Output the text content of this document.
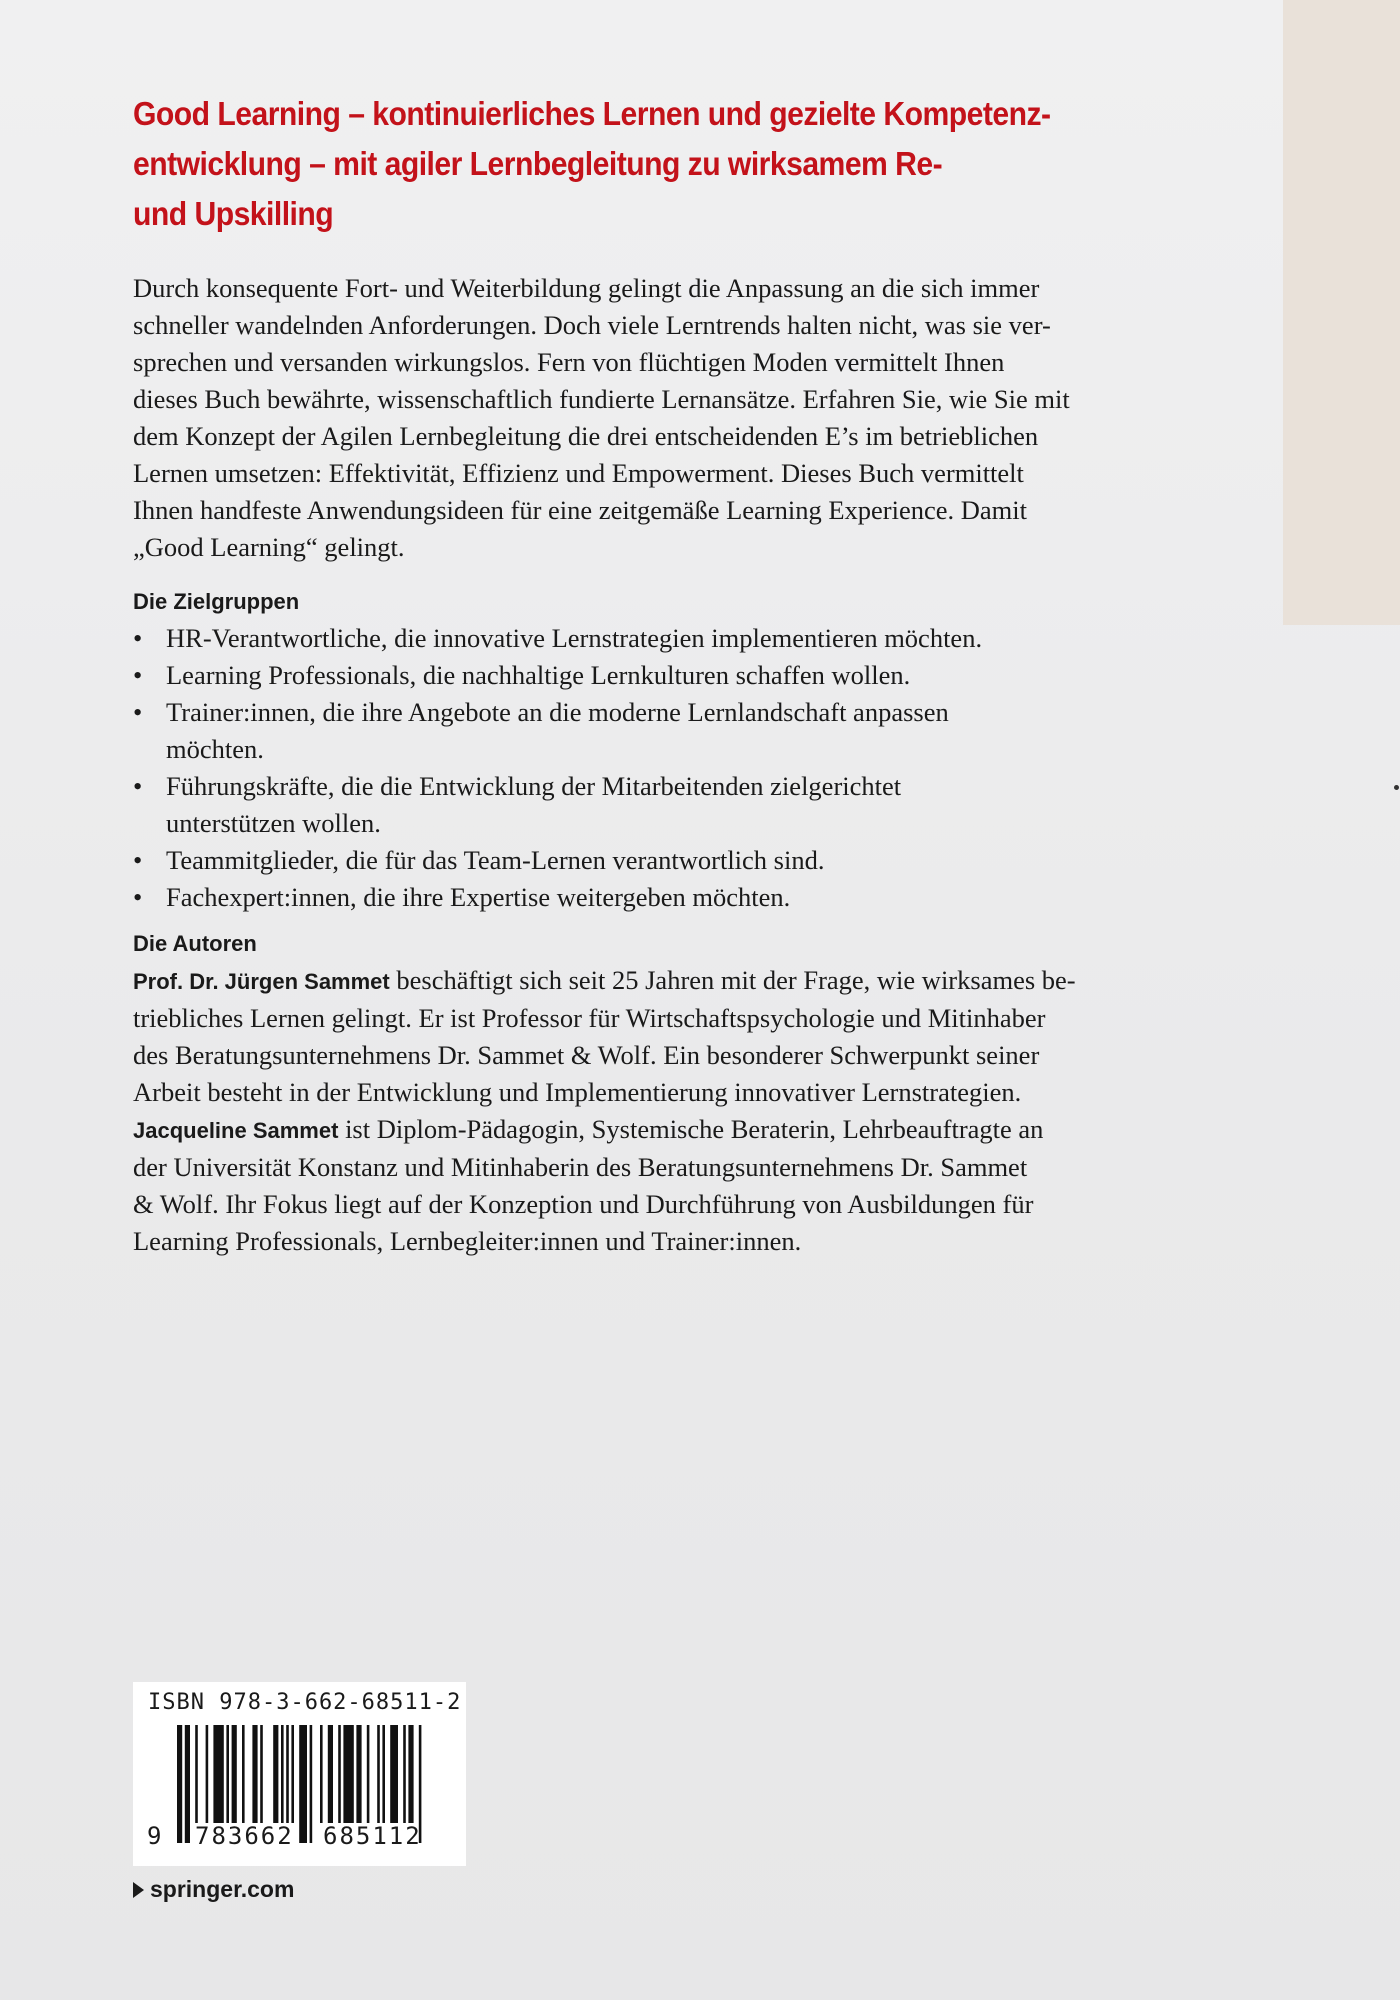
Good Learning – kontinuierliches Lernen und gezielte Kompetenz-
entwicklung – mit agiler Lernbegleitung zu wirksamem Re-
und Upskilling
Durch konsequente Fort- und Weiterbildung gelingt die Anpassung an die sich immer
schneller wandelnden Anforderungen. Doch viele Lerntrends halten nicht, was sie ver-
sprechen und versanden wirkungslos. Fern von flüchtigen Moden vermittelt Ihnen
dieses Buch bewährte, wissenschaftlich fundierte Lernansätze. Erfahren Sie, wie Sie mit
dem Konzept der Agilen Lernbegleitung die drei entscheidenden E’s im betrieblichen
Lernen umsetzen: Effektivität, Effizienz und Empowerment. Dieses Buch vermittelt
Ihnen handfeste Anwendungsideen für eine zeitgemäße Learning Experience. Damit
„Good Learning“ gelingt.
Die Zielgruppen
• HR-Verantwortliche, die innovative Lernstrategien implementieren möchten.
• Learning Professionals, die nachhaltige Lernkulturen schaffen wollen.
• Trainer:innen, die ihre Angebote an die moderne Lernlandschaft anpassen
möchten.
• Führungskräfte, die die Entwicklung der Mitarbeitenden zielgerichtet
unterstützen wollen.
• Teammitglieder, die für das Team-Lernen verantwortlich sind.
• Fachexpert:innen, die ihre Expertise weitergeben möchten.
Die Autoren
Prof. Dr. Jürgen Sammet beschäftigt sich seit 25 Jahren mit der Frage, wie wirksames be-
triebliches Lernen gelingt. Er ist Professor für Wirtschaftspsychologie und Mitinhaber
des Beratungsunternehmens Dr. Sammet & Wolf. Ein besonderer Schwerpunkt seiner
Arbeit besteht in der Entwicklung und Implementierung innovativer Lernstrategien.
Jacqueline Sammet ist Diplom-Pädagogin, Systemische Beraterin, Lehrbeauftragte an
der Universität Konstanz und Mitinhaberin des Beratungsunternehmens Dr. Sammet
& Wolf. Ihr Fokus liegt auf der Konzeption und Durchführung von Ausbildungen für
Learning Professionals, Lernbegleiter:innen und Trainer:innen.
ISBN 978-3-662-68511-2
9 783662 685112
springer.com
